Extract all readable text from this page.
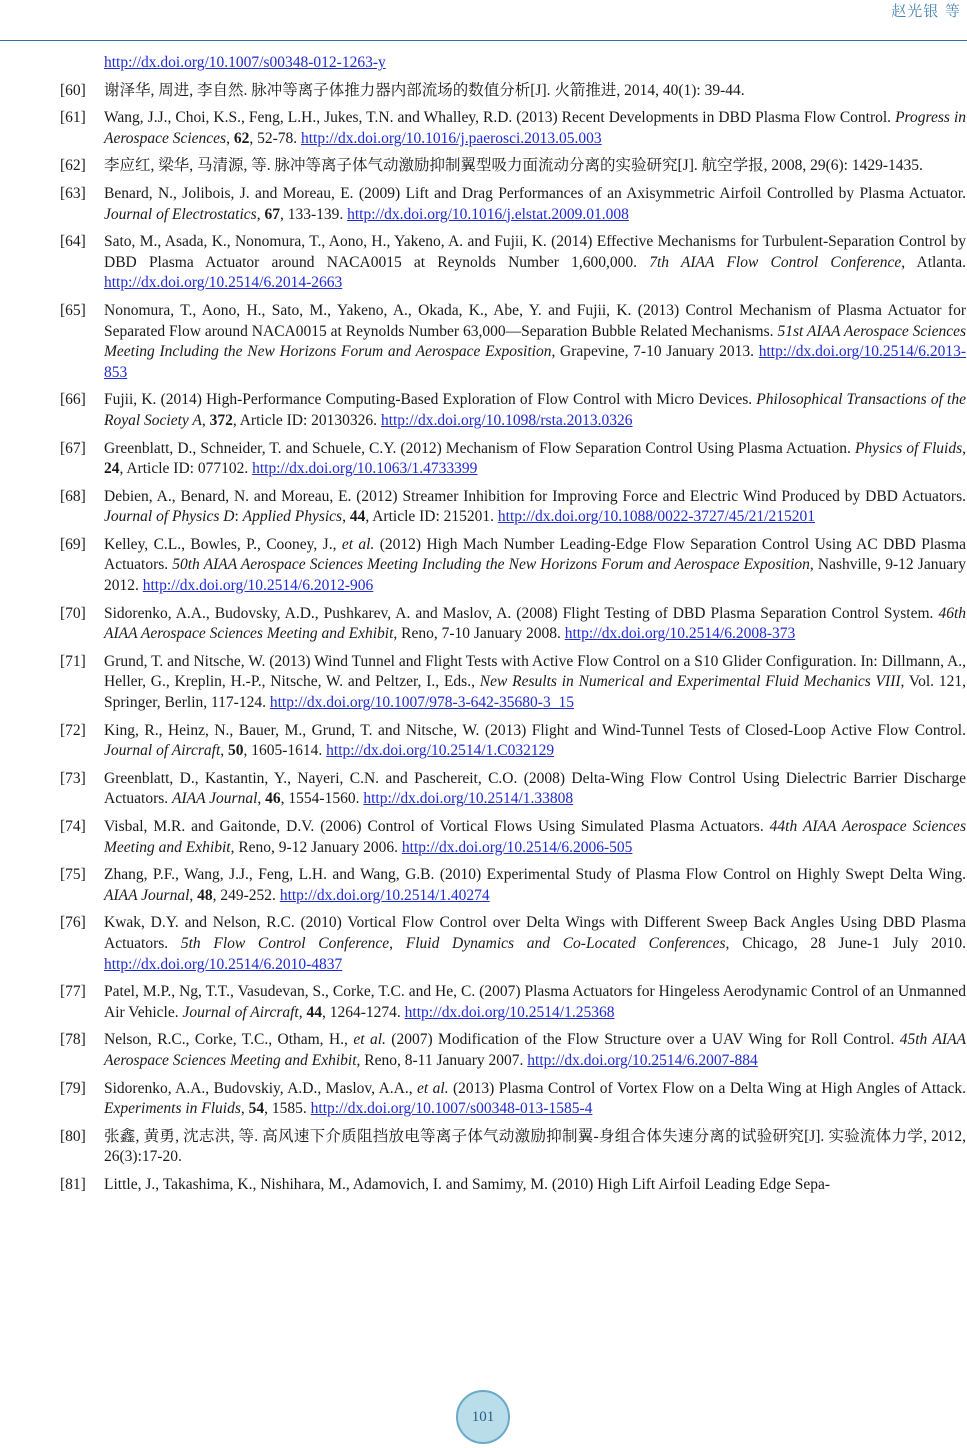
赵光银 等
http://dx.doi.org/10.1007/s00348-012-1263-y
[60]	谢泽华, 周进, 李自然. 脉冲等离子体推力器内部流场的数值分析[J]. 火箭推进, 2014, 40(1): 39-44.
[61]	Wang, J.J., Choi, K.S., Feng, L.H., Jukes, T.N. and Whalley, R.D. (2013) Recent Developments in DBD Plasma Flow Control. Progress in Aerospace Sciences, 62, 52-78. http://dx.doi.org/10.1016/j.paerosci.2013.05.003
[62]	李应红, 梁华, 马清源, 等. 脉冲等离子体气动激励抑制翼型吸力面流动分离的实验研究[J]. 航空学报, 2008, 29(6): 1429-1435.
[63]	Benard, N., Jolibois, J. and Moreau, E. (2009) Lift and Drag Performances of an Axisymmetric Airfoil Controlled by Plasma Actuator. Journal of Electrostatics, 67, 133-139. http://dx.doi.org/10.1016/j.elstat.2009.01.008
[64]	Sato, M., Asada, K., Nonomura, T., Aono, H., Yakeno, A. and Fujii, K. (2014) Effective Mechanisms for Turbulent-Separation Control by DBD Plasma Actuator around NACA0015 at Reynolds Number 1,600,000. 7th AIAA Flow Control Conference, Atlanta. http://dx.doi.org/10.2514/6.2014-2663
[65]	Nonomura, T., Aono, H., Sato, M., Yakeno, A., Okada, K., Abe, Y. and Fujii, K. (2013) Control Mechanism of Plasma Actuator for Separated Flow around NACA0015 at Reynolds Number 63,000—Separation Bubble Related Mechanisms. 51st AIAA Aerospace Sciences Meeting Including the New Horizons Forum and Aerospace Exposition, Grapevine, 7-10 January 2013. http://dx.doi.org/10.2514/6.2013-853
[66]	Fujii, K. (2014) High-Performance Computing-Based Exploration of Flow Control with Micro Devices. Philosophical Transactions of the Royal Society A, 372, Article ID: 20130326. http://dx.doi.org/10.1098/rsta.2013.0326
[67]	Greenblatt, D., Schneider, T. and Schuele, C.Y. (2012) Mechanism of Flow Separation Control Using Plasma Actuation. Physics of Fluids, 24, Article ID: 077102. http://dx.doi.org/10.1063/1.4733399
[68]	Debien, A., Benard, N. and Moreau, E. (2012) Streamer Inhibition for Improving Force and Electric Wind Produced by DBD Actuators. Journal of Physics D: Applied Physics, 44, Article ID: 215201. http://dx.doi.org/10.1088/0022-3727/45/21/215201
[69]	Kelley, C.L., Bowles, P., Cooney, J., et al. (2012) High Mach Number Leading-Edge Flow Separation Control Using AC DBD Plasma Actuators. 50th AIAA Aerospace Sciences Meeting Including the New Horizons Forum and Aerospace Exposition, Nashville, 9-12 January 2012. http://dx.doi.org/10.2514/6.2012-906
[70]	Sidorenko, A.A., Budovsky, A.D., Pushkarev, A. and Maslov, A. (2008) Flight Testing of DBD Plasma Separation Control System. 46th AIAA Aerospace Sciences Meeting and Exhibit, Reno, 7-10 January 2008. http://dx.doi.org/10.2514/6.2008-373
[71]	Grund, T. and Nitsche, W. (2013) Wind Tunnel and Flight Tests with Active Flow Control on a S10 Glider Configuration. In: Dillmann, A., Heller, G., Kreplin, H.-P., Nitsche, W. and Peltzer, I., Eds., New Results in Numerical and Experimental Fluid Mechanics VIII, Vol. 121, Springer, Berlin, 117-124. http://dx.doi.org/10.1007/978-3-642-35680-3_15
[72]	King, R., Heinz, N., Bauer, M., Grund, T. and Nitsche, W. (2013) Flight and Wind-Tunnel Tests of Closed-Loop Active Flow Control. Journal of Aircraft, 50, 1605-1614. http://dx.doi.org/10.2514/1.C032129
[73]	Greenblatt, D., Kastantin, Y., Nayeri, C.N. and Paschereit, C.O. (2008) Delta-Wing Flow Control Using Dielectric Barrier Discharge Actuators. AIAA Journal, 46, 1554-1560. http://dx.doi.org/10.2514/1.33808
[74]	Visbal, M.R. and Gaitonde, D.V. (2006) Control of Vortical Flows Using Simulated Plasma Actuators. 44th AIAA Aerospace Sciences Meeting and Exhibit, Reno, 9-12 January 2006. http://dx.doi.org/10.2514/6.2006-505
[75]	Zhang, P.F., Wang, J.J., Feng, L.H. and Wang, G.B. (2010) Experimental Study of Plasma Flow Control on Highly Swept Delta Wing. AIAA Journal, 48, 249-252. http://dx.doi.org/10.2514/1.40274
[76]	Kwak, D.Y. and Nelson, R.C. (2010) Vortical Flow Control over Delta Wings with Different Sweep Back Angles Using DBD Plasma Actuators. 5th Flow Control Conference, Fluid Dynamics and Co-Located Conferences, Chicago, 28 June-1 July 2010. http://dx.doi.org/10.2514/6.2010-4837
[77]	Patel, M.P., Ng, T.T., Vasudevan, S., Corke, T.C. and He, C. (2007) Plasma Actuators for Hingeless Aerodynamic Control of an Unmanned Air Vehicle. Journal of Aircraft, 44, 1264-1274. http://dx.doi.org/10.2514/1.25368
[78]	Nelson, R.C., Corke, T.C., Otham, H., et al. (2007) Modification of the Flow Structure over a UAV Wing for Roll Control. 45th AIAA Aerospace Sciences Meeting and Exhibit, Reno, 8-11 January 2007. http://dx.doi.org/10.2514/6.2007-884
[79]	Sidorenko, A.A., Budovskiy, A.D., Maslov, A.A., et al. (2013) Plasma Control of Vortex Flow on a Delta Wing at High Angles of Attack. Experiments in Fluids, 54, 1585. http://dx.doi.org/10.1007/s00348-013-1585-4
[80]	张鑫, 黄勇, 沈志洪, 等. 高风速下介质阻挡放电等离子体气动激励抑制翼-身组合体失速分离的试验研究[J]. 实验流体力学, 2012, 26(3):17-20.
[81]	Little, J., Takashima, K., Nishihara, M., Adamovich, I. and Samimy, M. (2010) High Lift Airfoil Leading Edge Sepa-
101
